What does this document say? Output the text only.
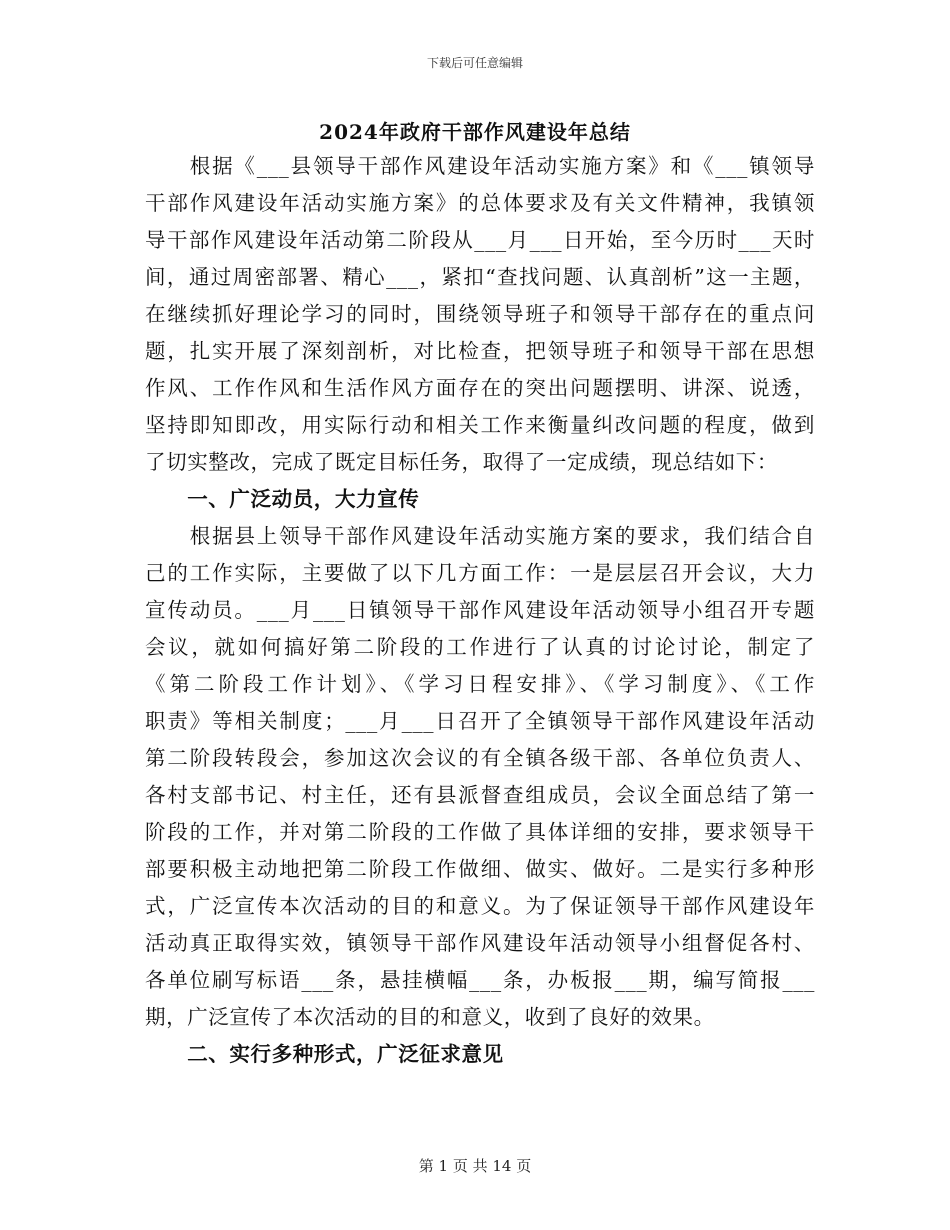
下载后可任意编辑
2024年政府干部作风建设年总结
　　根据《___县领导干部作风建设年活动实施方案》和《___镇领导
干部作风建设年活动实施方案》的总体要求及有关文件精神，我镇领
导干部作风建设年活动第二阶段从___月___日开始，至今历时___天时
间，通过周密部署、精心___，紧扣“查找问题、认真剖析”这一主题，
在继续抓好理论学习的同时，围绕领导班子和领导干部存在的重点问
题，扎实开展了深刻剖析，对比检查，把领导班子和领导干部在思想
作风、工作作风和生活作风方面存在的突出问题摆明、讲深、说透，
坚持即知即改，用实际行动和相关工作来衡量纠改问题的程度，做到
了切实整改，完成了既定目标任务，取得了一定成绩，现总结如下：
　　一、广泛动员，大力宣传
　　根据县上领导干部作风建设年活动实施方案的要求，我们结合自
己的工作实际，主要做了以下几方面工作：一是层层召开会议，大力
宣传动员。___月___日镇领导干部作风建设年活动领导小组召开专题
会议，就如何搞好第二阶段的工作进行了认真的讨论讨论，制定了
《第二阶段工作计划》、《学习日程安排》、《学习制度》、《工作
职责》等相关制度；___月___日召开了全镇领导干部作风建设年活动
第二阶段转段会，参加这次会议的有全镇各级干部、各单位负责人、
各村支部书记、村主任，还有县派督查组成员，会议全面总结了第一
阶段的工作，并对第二阶段的工作做了具体详细的安排，要求领导干
部要积极主动地把第二阶段工作做细、做实、做好。二是实行多种形
式，广泛宣传本次活动的目的和意义。为了保证领导干部作风建设年
活动真正取得实效，镇领导干部作风建设年活动领导小组督促各村、
各单位刷写标语___条，悬挂横幅___条，办板报___期，编写简报___
期，广泛宣传了本次活动的目的和意义，收到了良好的效果。
　　二、实行多种形式，广泛征求意见
第 1 页 共 14 页
